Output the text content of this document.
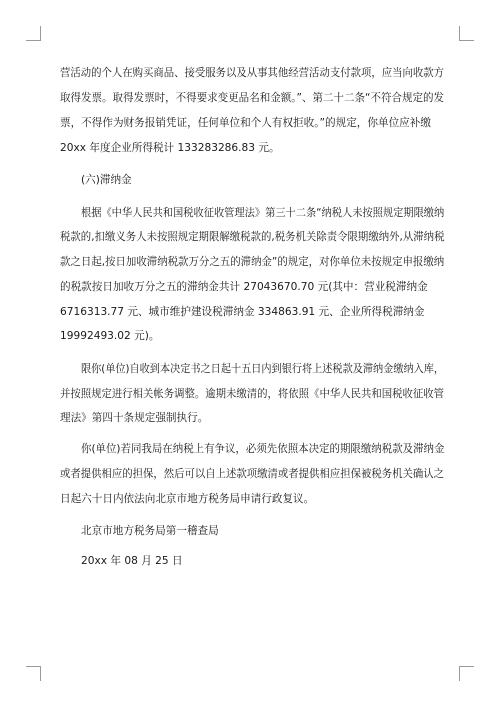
营活动的个人在购买商品、接受服务以及从事其他经营活动支付款项，应当向收款方
取得发票。取得发票时，不得要求变更品名和金额。”、第二十二条“不符合规定的发
票，不得作为财务报销凭证，任何单位和个人有权拒收。”的规定，你单位应补缴
20xx 年度企业所得税计 133283286.83 元。
(六)滞纳金
根据《中华人民共和国税收征收管理法》第三十二条“纳税人未按照规定期限缴纳
税款的,扣缴义务人未按照规定期限解缴税款的,税务机关除责令限期缴纳外,从滞纳税
款之日起,按日加收滞纳税款万分之五的滞纳金”的规定，对你单位未按规定申报缴纳
的税款按日加收万分之五的滞纳金共计 27043670.70 元(其中：营业税滞纳金
6716313.77 元、城市维护建设税滞纳金 334863.91 元、企业所得税滞纳金
19992493.02 元)。
限你(单位)自收到本决定书之日起十五日内到银行将上述税款及滞纳金缴纳入库，
并按照规定进行相关帐务调整。逾期未缴清的，将依照《中华人民共和国税收征收管
理法》第四十条规定强制执行。
你(单位)若同我局在纳税上有争议，必须先依照本决定的期限缴纳税款及滞纳金
或者提供相应的担保，然后可以自上述款项缴清或者提供相应担保被税务机关确认之
日起六十日内依法向北京市地方税务局申请行政复议。
北京市地方税务局第一稽查局
20xx 年 08 月 25 日
